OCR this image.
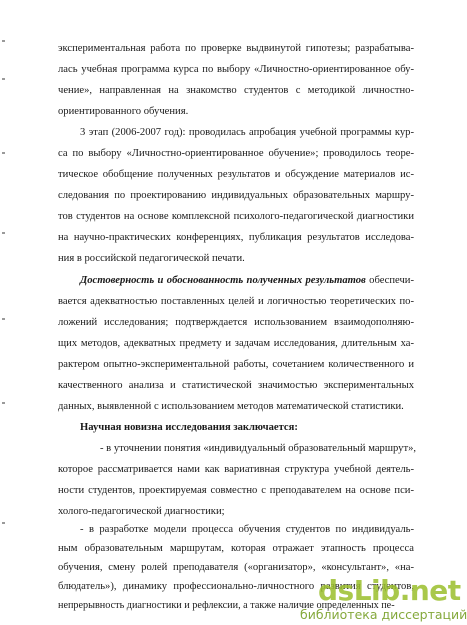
экспериментальная работа по проверке выдвинутой гипотезы; разрабатыва-
лась учебная программа курса по выбору «Личностно-ориентированное обу-
чение», направленная на знакомство студентов с методикой личностно-
ориентированного обучения.
3 этап (2006-2007 год): проводилась апробация учебной программы кур-
са по выбору «Личностно-ориентированное обучение»; проводилось теоре-
тическое обобщение полученных результатов и обсуждение материалов ис-
следования по проектированию индивидуальных образовательных маршру-
тов студентов на основе комплексной психолого-педагогической диагностики
на научно-практических конференциях, публикация результатов исследова-
ния в российской педагогической печати.
Достоверность и обоснованность полученных результатов обеспечи-
вается адекватностью поставленных целей и логичностью теоретических по-
ложений исследования; подтверждается использованием взаимодополняю-
щих методов, адекватных предмету и задачам исследования, длительным ха-
рактером опытно-экспериментальной работы, сочетанием количественного и
качественного анализа и статистической значимостью экспериментальных
данных, выявленной с использованием методов математической статистики.
Научная новизна исследования заключается:
- в уточнении понятия «индивидуальный образовательный маршрут»,
которое рассматривается нами как вариативная структура учебной деятель-
ности студентов, проектируемая совместно с преподавателем на основе пси-
холого-педагогической диагностики;
- в разработке модели процесса обучения студентов по индивидуаль-
ным образовательным маршрутам, которая отражает этапность процесса
обучения, смену ролей преподавателя («организатор», «консультант», «на-
блюдатель»), динамику профессионально-личностного развития студентов,
непрерывность диагностики и рефлексии, а также наличие определенных пе-
dsLib.net
библиотека диссертаций
